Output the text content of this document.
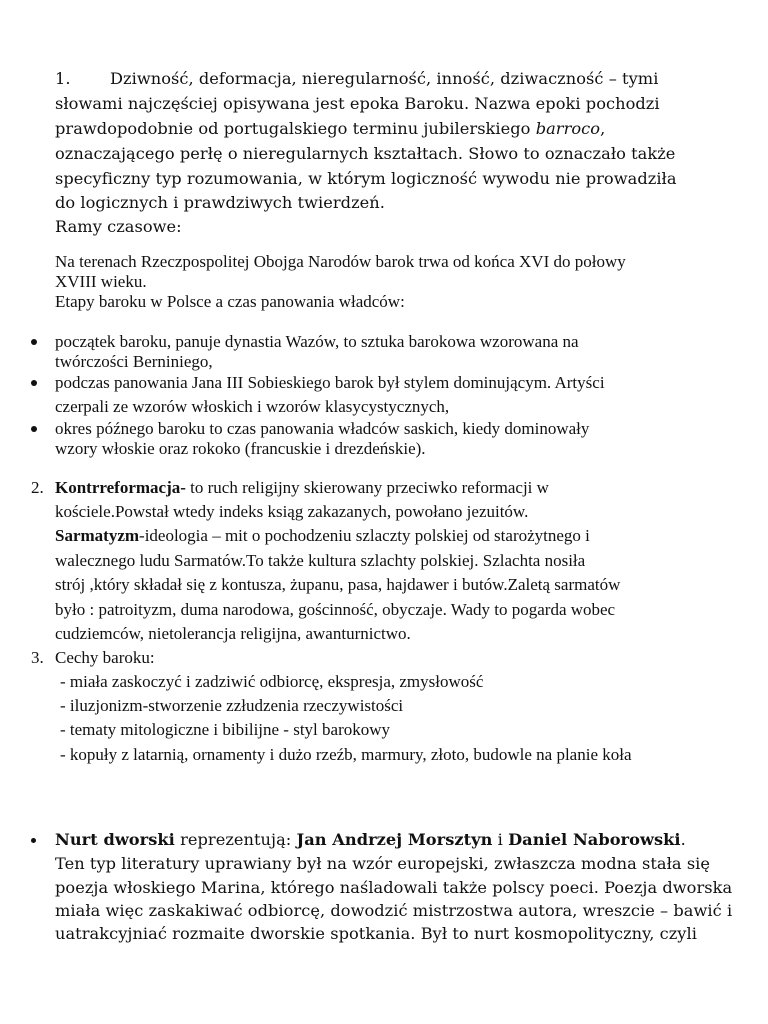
1. Dziwność, deformacja, nieregularność, inność, dziwaczność – tymi
słowami najczęściej opisywana jest epoka Baroku. Nazwa epoki pochodzi
prawdopodobnie od portugalskiego terminu jubilerskiego barroco,
oznaczającego perłę o nieregularnych kształtach. Słowo to oznaczało także
specyficzny typ rozumowania, w którym logiczność wywodu nie prowadziła
do logicznych i prawdziwych twierdzeń.
Ramy czasowe:
Na terenach Rzeczpospolitej Obojga Narodów barok trwa od końca XVI do połowy
XVIII wieku.
Etapy baroku w Polsce a czas panowania władców:
początek baroku, panuje dynastia Wazów, to sztuka barokowa wzorowana na
twórczości Berniniego,
podczas panowania Jana III Sobieskiego barok był stylem dominującym. Artyści
czerpali ze wzorów włoskich i wzorów klasycystycznych,
okres późnego baroku to czas panowania władców saskich, kiedy dominowały
wzory włoskie oraz rokoko (francuskie i drezdeńskie).
2. Kontrreformacja- to ruch religijny skierowany przeciwko reformacji w
kościele.Powstał wtedy indeks ksiąg zakazanych, powołano jezuitów.
Sarmatyzm-ideologia – mit o pochodzeniu szlaczty polskiej od starożytnego i
walecznego ludu Sarmatów.To także kultura szlachty polskiej. Szlachta nosiła
strój ,który składał się z kontusza, żupanu, pasa, hajdawer i butów.Zaletą sarmatów
było : patroityzm, duma narodowa, gościnność, obyczaje. Wady to pogarda wobec
cudziemców, nietolerancja religijna, awanturnictwo.
3. Cechy baroku:
- miała zaskoczyć i zadziwić odbiorcę, ekspresja, zmysłowość
- iluzjonizm-stworzenie zzłudzenia rzeczywistości
- tematy mitologiczne i bibilijne - styl barokowy
- kopuły z latarnią, ornamenty i dużo rzeźb, marmury, złoto, budowle na planie koła
Nurt dworski reprezentują: Jan Andrzej Morsztyn i Daniel Naborowski.
Ten typ literatury uprawiany był na wzór europejski, zwłaszcza modna stała się
poezja włoskiego Marina, którego naśladowali także polscy poeci. Poezja dworska
miała więc zaskakiwać odbiorcę, dowodzić mistrzostwa autora, wreszcie – bawić i
uatrakcyjniać rozmaite dworskie spotkania. Był to nurt kosmopolityczny, czyli
